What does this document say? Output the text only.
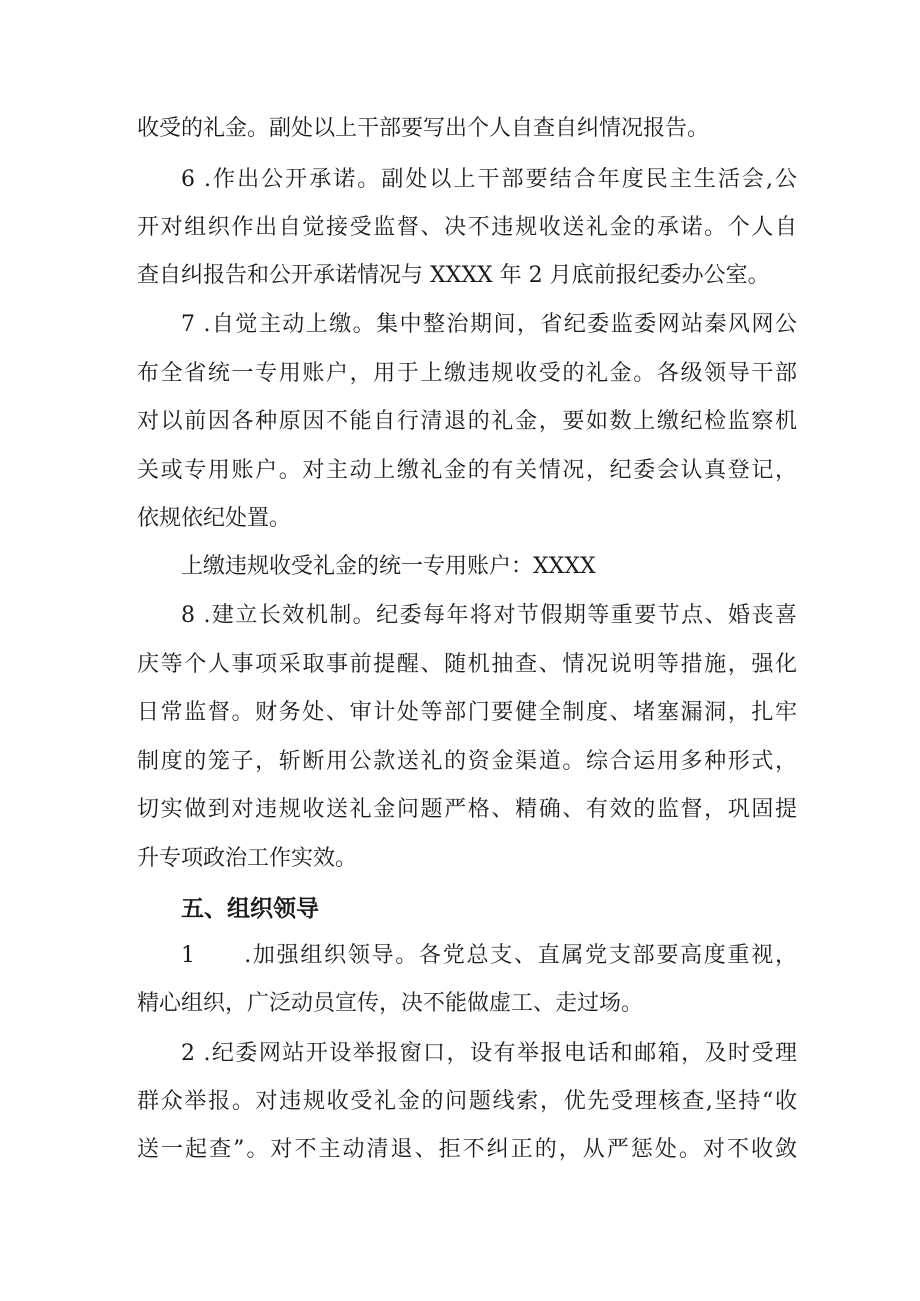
收受的礼金。副处以上干部要写出个人自查自纠情况报告。
6 .作出公开承诺。副处以上干部要结合年度民主生活会,公
开对组织作出自觉接受监督、决不违规收送礼金的承诺。个人自
查自纠报告和公开承诺情况与 XXXX 年 2 月底前报纪委办公室。
7 .自觉主动上缴。集中整治期间，省纪委监委网站秦风网公
布全省统一专用账户，用于上缴违规收受的礼金。各级领导干部
对以前因各种原因不能自行清退的礼金，要如数上缴纪检监察机
关或专用账户。对主动上缴礼金的有关情况，纪委会认真登记，
依规依纪处置。
上缴违规收受礼金的统一专用账户：XXXX
8 .建立长效机制。纪委每年将对节假期等重要节点、婚丧喜
庆等个人事项采取事前提醒、随机抽查、情况说明等措施，强化
日常监督。财务处、审计处等部门要健全制度、堵塞漏洞，扎牢
制度的笼子，斩断用公款送礼的资金渠道。综合运用多种形式，
切实做到对违规收送礼金问题严格、精确、有效的监督，巩固提
升专项政治工作实效。
五、组织领导
1　　.加强组织领导。各党总支、直属党支部要高度重视，
精心组织，广泛动员宣传，决不能做虚工、走过场。
2 .纪委网站开设举报窗口，设有举报电话和邮箱，及时受理
群众举报。对违规收受礼金的问题线索，优先受理核查,坚持“收
送一起查”。对不主动清退、拒不纠正的，从严惩处。对不收敛
